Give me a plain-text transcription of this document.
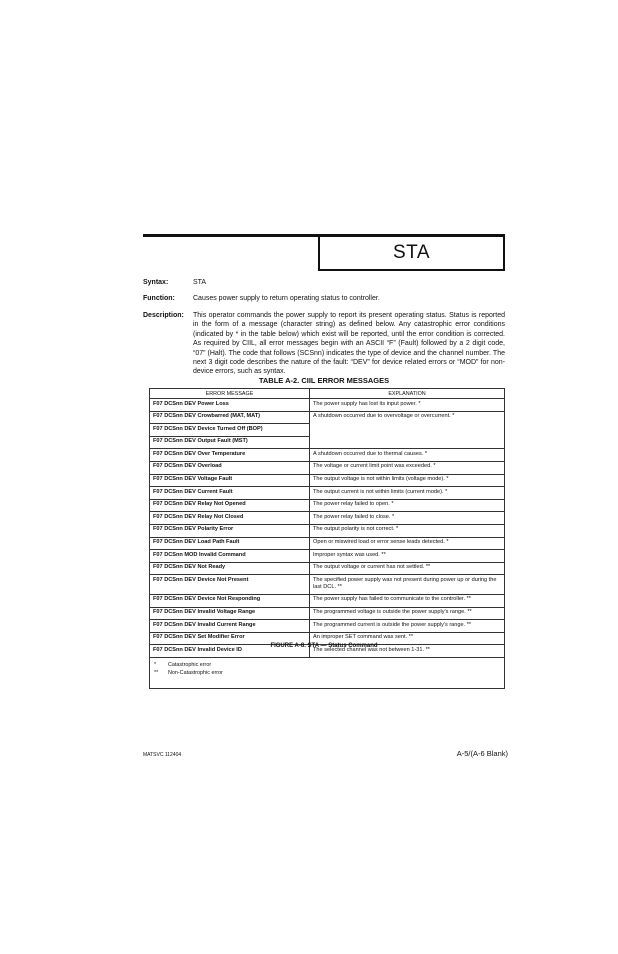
STA
Syntax:	STA
Function:	Causes power supply to return operating status to controller.
Description:	This operator commands the power supply to report its present operating status. Status is reported in the form of a message (character string) as defined below. Any catastrophic error conditions (indicated by * in the table below) which exist will be reported, until the error condition is corrected. As required by CIIL, all error messages begin with an ASCII “F” (Fault) followed by a 2 digit code, “07” (Halt). The code that follows (SCSnn) indicates the type of device and the channel number. The next 3 digit code describes the nature of the fault: “DEV” for device related errors or “MOD” for non-device errors, such as syntax.
TABLE A-2. CIIL ERROR MESSAGES
ERROR MESSAGE	EXPLANATION
F07 DCSnn DEV Power Loss	The power supply has lost its input power. *
F07 DCSnn DEV Crowbarred (MAT, MAT)	A shutdown occurred due to overvoltage or overcurrent. *
F07 DCSnn DEV Device Turned Off (BOP)	
F07 DCSnn DEV Output Fault (MST)	
F07 DCSnn DEV Over Temperature	A shutdown occurred due to thermal causes. *
F07 DCSnn DEV Overload	The voltage or current limit point was exceeded. *
F07 DCSnn DEV Voltage Fault	The output voltage is not within limits (voltage mode). *
F07 DCSnn DEV Current Fault	The output current is not within limits (current mode). *
F07 DCSnn DEV Relay Not Opened	The power relay failed to open. *
F07 DCSnn DEV Relay Not Closed	The power relay failed to close. *
F07 DCSnn DEV Polarity Error	The output polarity is not correct. *
F07 DCSnn DEV Load Path Fault	Open or miswired load or error sense leads detected. *
F07 DCSnn MOD Invalid Command	Improper syntax was used. **
F07 DCSnn DEV Not Ready	The output voltage or current has not settled. **
F07 DCSnn DEV Device Not Present	The specified power supply was not present during power up or during the last DCL. **
F07 DCSnn DEV Device Not Responding	The power supply has failed to communicate to the controller. **
F07 DCSnn DEV Invalid Voltage Range	The programmed voltage is outside the power supply's range. **
F07 DCSnn DEV Invalid Current Range	The programmed current is outside the power supply's range. **
F07 DCSnn DEV Set Modifier Error	An improper SET command was sent. **
F07 DCSnn DEV Invalid Device ID	The selected channel was not between 1-31. **

* Catastrophic error
** Non-Catastrophic error	
FIGURE A-8. STA — Status Command
MATSVC 112404	A-5/(A-6 Blank)
